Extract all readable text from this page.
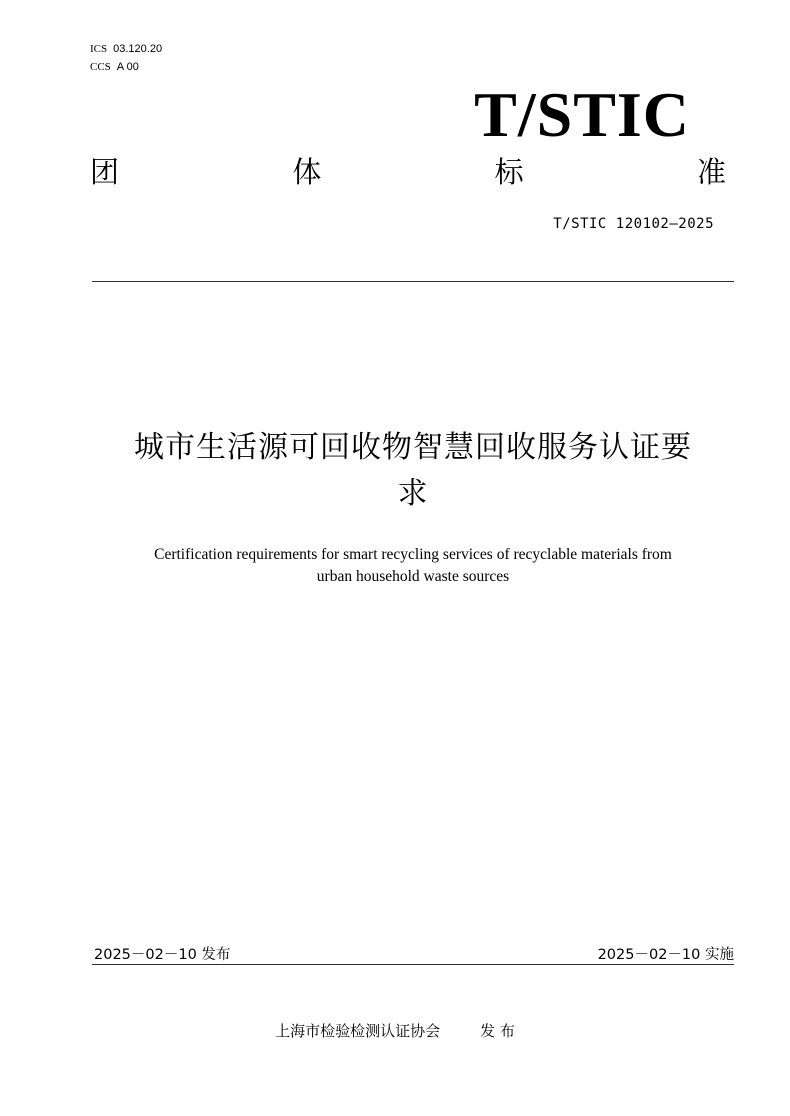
ICS 03.120.20
CCS A 00
T/STIC
团	体	标	准
T/STIC 120102—2025
城市生活源可回收物智慧回收服务认证要
求
Certification requirements for smart recycling services of recyclable materials from
urban household waste sources
2025－02－10 发布	2025－02－10 实施
上海市检验检测认证协会	发 布
